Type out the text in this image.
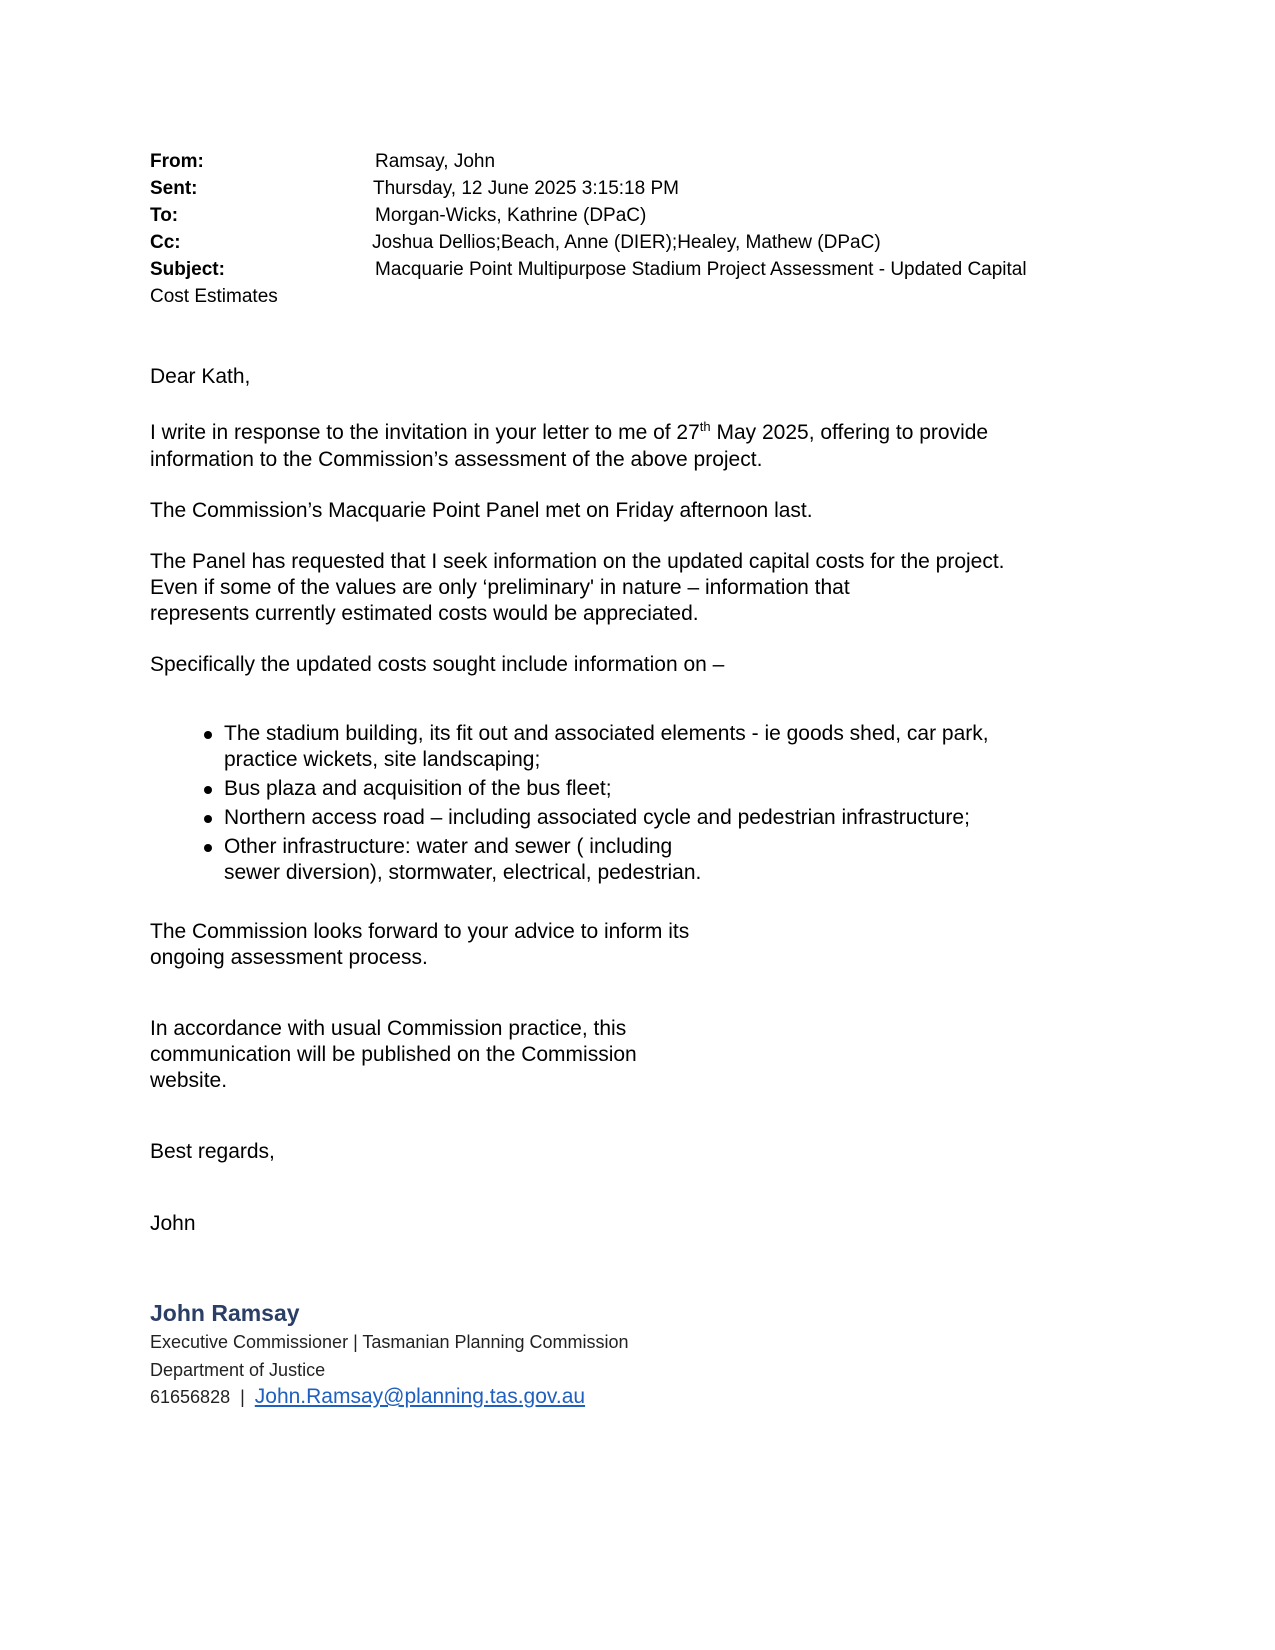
From:	Ramsay, John
Sent:	Thursday, 12 June 2025 3:15:18 PM
To:	Morgan-Wicks, Kathrine (DPaC)
Cc:	Joshua Dellios;Beach, Anne (DIER);Healey, Mathew (DPaC)
Subject:	Macquarie Point Multipurpose Stadium Project Assessment - Updated Capital
Cost Estimates
Dear Kath,
I write in response to the invitation in your letter to me of 27th May 2025, offering to provide
information to the Commission’s assessment of the above project.
The Commission’s Macquarie Point Panel met on Friday afternoon last.
The Panel has requested that I seek information on the updated capital costs for the project.
Even if some of the values are only ‘preliminary' in nature – information that
represents currently estimated costs would be appreciated.
Specifically the updated costs sought include information on –
The stadium building, its fit out and associated elements - ie goods shed, car park,
practice wickets, site landscaping;
Bus plaza and acquisition of the bus fleet;
Northern access road – including associated cycle and pedestrian infrastructure;
Other infrastructure: water and sewer ( including
sewer diversion), stormwater, electrical, pedestrian.
The Commission looks forward to your advice to inform its
ongoing assessment process.
In accordance with usual Commission practice, this
communication will be published on the Commission
website.
Best regards,
John
John Ramsay
Executive Commissioner | Tasmanian Planning Commission
Department of Justice
61656828  |  John.Ramsay@planning.tas.gov.au
